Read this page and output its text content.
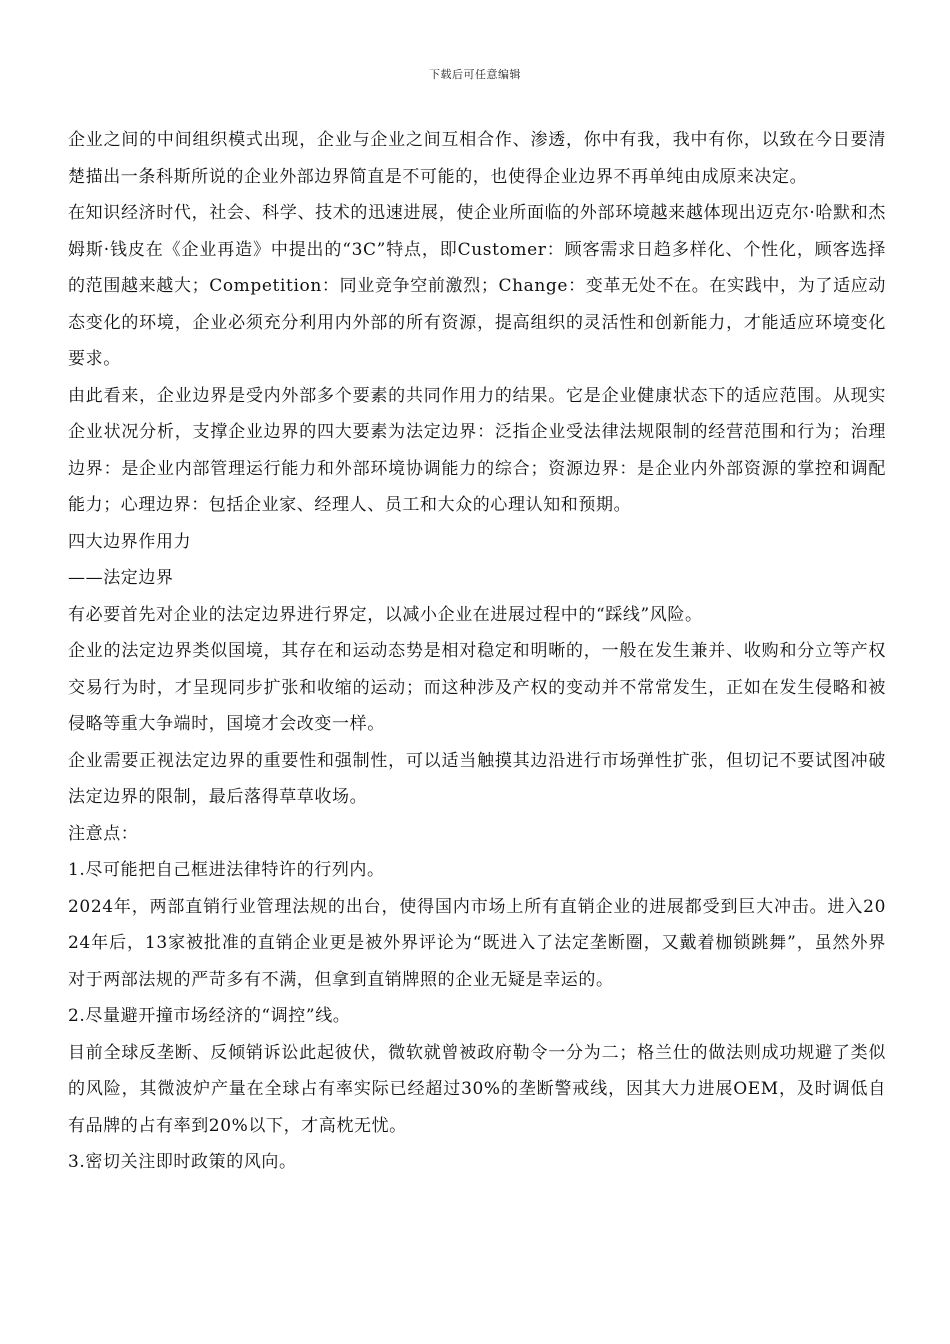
下载后可任意编辑

企业之间的中间组织模式出现，企业与企业之间互相合作、渗透，你中有我，我中有你，以致在今日要清楚描出一条科斯所说的企业外部边界简直是不可能的，也使得企业边界不再单纯由成原来决定。

在知识经济时代，社会、科学、技术的迅速进展，使企业所面临的外部环境越来越体现出迈克尔·哈默和杰姆斯·钱皮在《企业再造》中提出的“3C”特点，即Customer：顾客需求日趋多样化、个性化，顾客选择的范围越来越大；Competition：同业竞争空前激烈；Change：变革无处不在。在实践中，为了适应动态变化的环境，企业必须充分利用内外部的所有资源，提高组织的灵活性和创新能力，才能适应环境变化要求。

由此看来，企业边界是受内外部多个要素的共同作用力的结果。它是企业健康状态下的适应范围。从现实企业状况分析，支撑企业边界的四大要素为法定边界：泛指企业受法律法规限制的经营范围和行为；治理边界：是企业内部管理运行能力和外部环境协调能力的综合；资源边界：是企业内外部资源的掌控和调配能力；心理边界：包括企业家、经理人、员工和大众的心理认知和预期。

四大边界作用力

——法定边界

有必要首先对企业的法定边界进行界定，以减小企业在进展过程中的“踩线”风险。

企业的法定边界类似国境，其存在和运动态势是相对稳定和明晰的，一般在发生兼并、收购和分立等产权交易行为时，才呈现同步扩张和收缩的运动；而这种涉及产权的变动并不常常发生，正如在发生侵略和被侵略等重大争端时，国境才会改变一样。

企业需要正视法定边界的重要性和强制性，可以适当触摸其边沿进行市场弹性扩张，但切记不要试图冲破法定边界的限制，最后落得草草收场。

注意点：

1.尽可能把自己框进法律特许的行列内。

2024年，两部直销行业管理法规的出台，使得国内市场上所有直销企业的进展都受到巨大冲击。进入2024年后，13家被批准的直销企业更是被外界评论为“既进入了法定垄断圈，又戴着枷锁跳舞”，虽然外界对于两部法规的严苛多有不满，但拿到直销牌照的企业无疑是幸运的。

2.尽量避开撞市场经济的“调控”线。

目前全球反垄断、反倾销诉讼此起彼伏，微软就曾被政府勒令一分为二；格兰仕的做法则成功规避了类似的风险，其微波炉产量在全球占有率实际已经超过30%的垄断警戒线，因其大力进展OEM，及时调低自有品牌的占有率到20%以下，才高枕无忧。

3.密切关注即时政策的风向。
